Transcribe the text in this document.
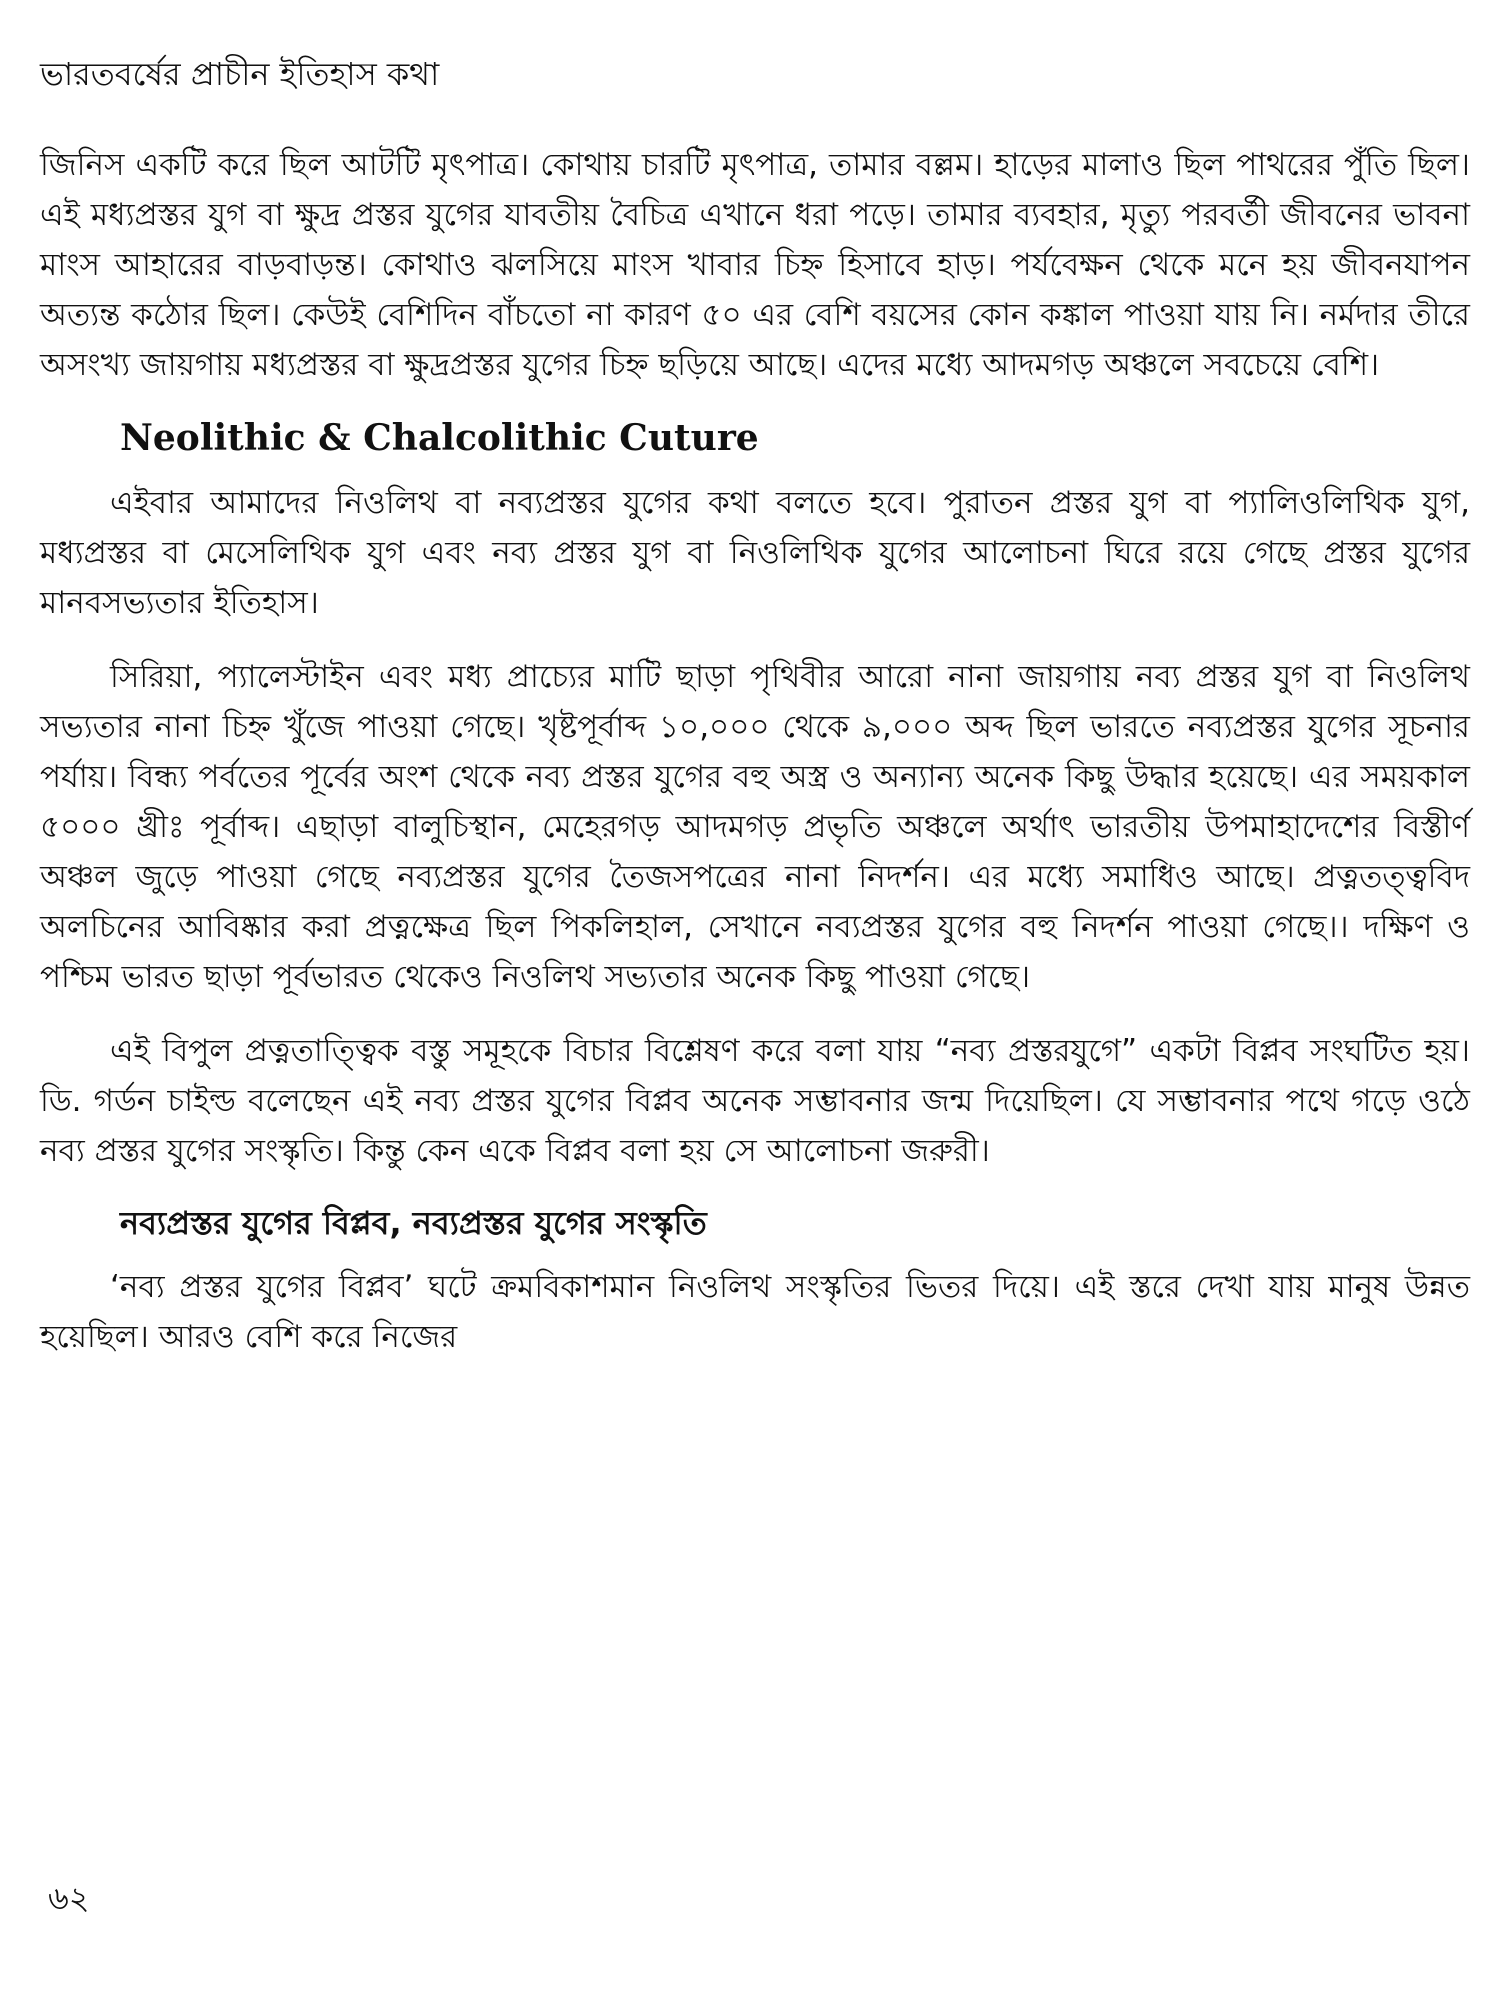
ভারতবর্ষের প্রাচীন ইতিহাস কথা

জিনিস একটি করে ছিল আটটি মৃৎপাত্র। কোথায় চারটি মৃৎপাত্র, তামার বল্লম। হাড়ের মালাও ছিল পাথরের পুঁতি ছিল। এই মধ্যপ্রস্তর যুগ বা ক্ষুদ্র প্রস্তর যুগের যাবতীয় বৈচিত্র এখানে ধরা পড়ে। তামার ব্যবহার, মৃত্যু পরবর্তী জীবনের ভাবনা মাংস আহারের বাড়বাড়ন্ত। কোথাও ঝলসিয়ে মাংস খাবার চিহ্ন হিসাবে হাড়। পর্যবেক্ষন থেকে মনে হয় জীবনযাপন অত্যন্ত কঠোর ছিল। কেউই বেশিদিন বাঁচতো না কারণ ৫০ এর বেশি বয়সের কোন কঙ্কাল পাওয়া যায় নি। নর্মদার তীরে অসংখ্য জায়গায় মধ্যপ্রস্তর বা ক্ষুদ্রপ্রস্তর যুগের চিহ্ন ছড়িয়ে আছে। এদের মধ্যে আদমগড় অঞ্চলে সবচেয়ে বেশি।

Neolithic & Chalcolithic Cuture

এইবার আমাদের নিওলিথ বা নব্যপ্রস্তর যুগের কথা বলতে হবে। পুরাতন প্রস্তর যুগ বা প্যালিওলিথিক যুগ, মধ্যপ্রস্তর বা মেসেলিথিক যুগ এবং নব্য প্রস্তর যুগ বা নিওলিথিক যুগের আলোচনা ঘিরে রয়ে গেছে প্রস্তর যুগের মানবসভ্যতার ইতিহাস।

সিরিয়া, প্যালেস্টাইন এবং মধ্য প্রাচ্যের মাটি ছাড়া পৃথিবীর আরো নানা জায়গায় নব্য প্রস্তর যুগ বা নিওলিথ সভ্যতার নানা চিহ্ন খুঁজে পাওয়া গেছে। খৃষ্টপূর্বাব্দ ১০,০০০ থেকে ৯,০০০ অব্দ ছিল ভারতে নব্যপ্রস্তর যুগের সূচনার পর্যায়। বিন্ধ্য পর্বতের পূর্বের অংশ থেকে নব্য প্রস্তর যুগের বহু অস্ত্র ও অন্যান্য অনেক কিছু উদ্ধার হয়েছে। এর সময়কাল ৫০০০ খ্রীঃ পূর্বাব্দ। এছাড়া বালুচিস্থান, মেহেরগড় আদমগড় প্রভৃতি অঞ্চলে অর্থাৎ ভারতীয় উপমাহাদেশের বিস্তীর্ণ অঞ্চল জুড়ে পাওয়া গেছে নব্যপ্রস্তর যুগের তৈজসপত্রের নানা নিদর্শন। এর মধ্যে সমাধিও আছে। প্রত্নতত্ত্ববিদ অলচিনের আবিষ্কার করা প্রত্নক্ষেত্র ছিল পিকলিহাল, সেখানে নব্যপ্রস্তর যুগের বহু নিদর্শন পাওয়া গেছে।। দক্ষিণ ও পশ্চিম ভারত ছাড়া পূর্বভারত থেকেও নিওলিথ সভ্যতার অনেক কিছু পাওয়া গেছে।

এই বিপুল প্রত্নতাত্ত্বিক বস্তু সমূহকে বিচার বিশ্লেষণ করে বলা যায় “নব্য প্রস্তরযুগে” একটা বিপ্লব সংঘটিত হয়। ডি. গর্ডন চাইল্ড বলেছেন এই নব্য প্রস্তর যুগের বিপ্লব অনেক সম্ভাবনার জন্ম দিয়েছিল। যে সম্ভাবনার পথে গড়ে ওঠে নব্য প্রস্তর যুগের সংস্কৃতি। কিন্তু কেন একে বিপ্লব বলা হয় সে আলোচনা জরুরী।

নব্যপ্রস্তর যুগের বিপ্লব, নব্যপ্রস্তর যুগের সংস্কৃতি

‘নব্য প্রস্তর যুগের বিপ্লব’ ঘটে ক্রমবিকাশমান নিওলিথ সংস্কৃতির ভিতর দিয়ে। এই স্তরে দেখা যায় মানুষ উন্নত হয়েছিল। আরও বেশি করে নিজের

৬২
